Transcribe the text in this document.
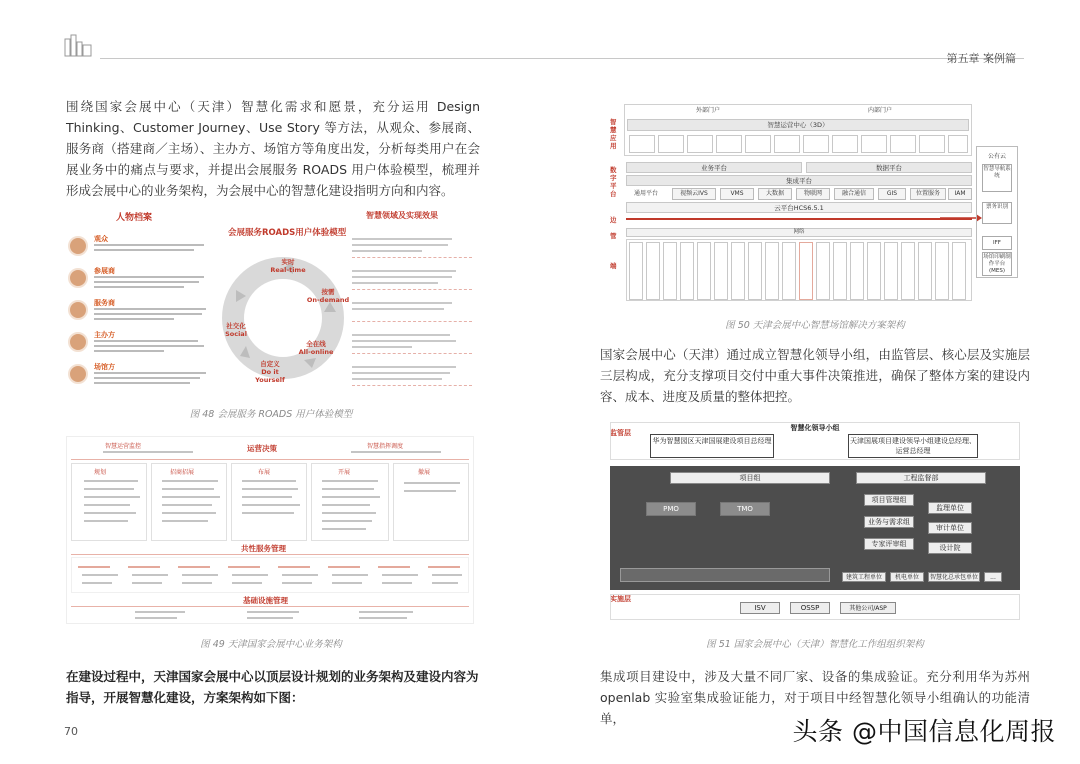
第五章 案例篇

围绕国家会展中心（天津）智慧化需求和愿景，充分运用 Design Thinking、Customer Journey、Use Story 等方法，从观众、参展商、服务商（搭建商／主场）、主办方、场馆方等角度出发，分析每类用户在会展业务中的痛点与要求，并提出会展服务 ROADS 用户体验模型，梳理并形成会展中心的业务架构，为会展中心的智慧化建设指明方向和内容。

人物档案
观众
参展商
服务商
主办方
场馆方
会展服务ROADS用户体验模型
实时
Real-time
按需
On-demand
全在线
All-online
自定义
Do it Yourself
社交化
Social
智慧领域及实现效果
图 48 会展服务 ROADS 用户体验模型
智慧运营监控	运营决策	智慧指挥调度
规划	招商招展	布展	开展	撤展
共性服务管理
基础设施管理
图 49 天津国家会展中心业务架构

在建设过程中，天津国家会展中心以顶层设计规划的业务架构及建设内容为指导，开展智慧化建设，方案架构如下图：

70
智慧应用
数字平台
边
管
端
外部门户	内部门户
智慧运营中心（3D）
业务平台	数据平台
集成平台
通用平台	视频云IVS	VMS	大数据	物联网	融合通信	GIS	位置服务	IAM
云平台HCS6.5.1
网络
公有云
智慧导航系统
票务识别
IFF
场馆印刷制作平台(MES)
图 50 天津会展中心智慧场馆解决方案架构

国家会展中心（天津）通过成立智慧化领导小组，由监管层、核心层及实施层三层构成，充分支撑项目交付中重大事件决策推进，确保了整体方案的建设内容、成本、进度及质量的整体把控。

监管层
实施层
智慧化领导小组
华为智慧园区天津国展建设项目总经理	天津国展项目建设领导小组建设总经理、运营总经理
项目组	工程监督部
PMO	TMO
项目管理组
监理单位
业务与需求组
审计单位
专家评审组	设计院
建筑工程单位	机电单位	智慧化总承包单位	...
ISV	OSSP	其他公司/ASP
图 51 国家会展中心（天津）智慧化工作组组织架构

集成项目建设中，涉及大量不同厂家、设备的集成验证。充分利用华为苏州 openlab 实验室集成验证能力，对于项目中经智慧化领导小组确认的功能清单，	头条 @中国信息化周报
